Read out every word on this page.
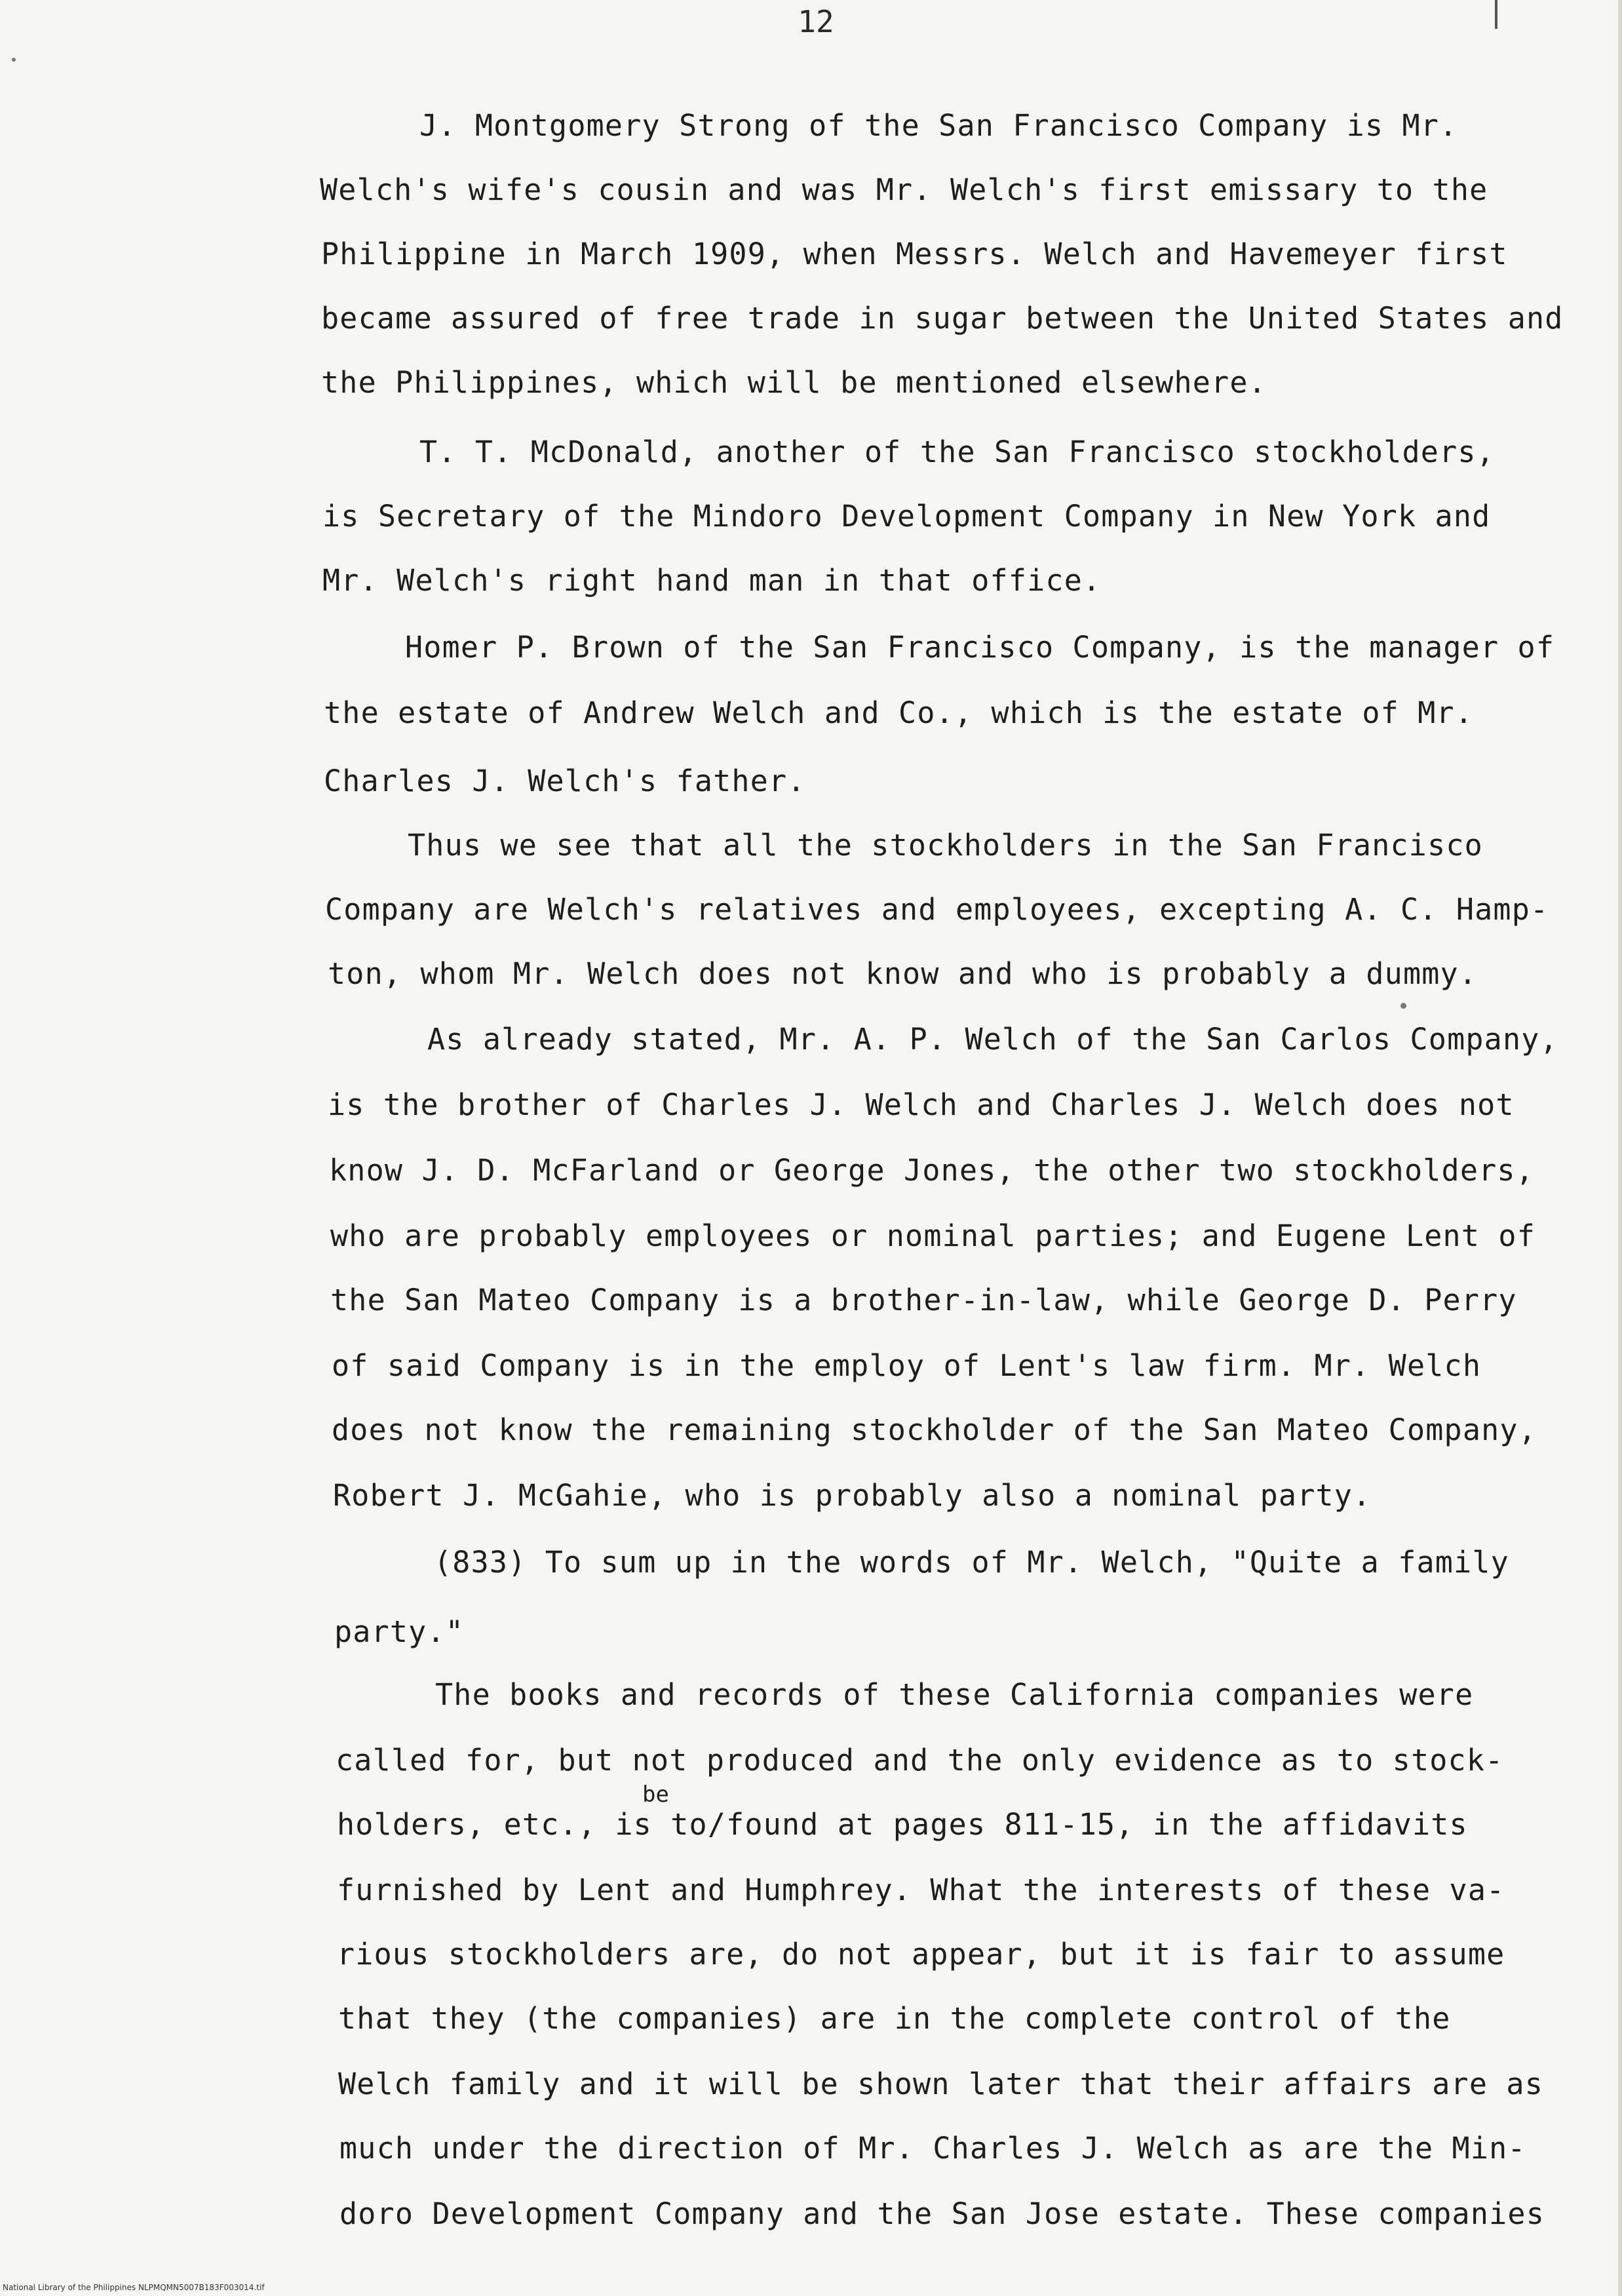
12
J. Montgomery Strong of the San Francisco Company is Mr.
Welch's wife's cousin and was Mr. Welch's first emissary to the
Philippine in March 1909, when Messrs. Welch and Havemeyer first
became assured of free trade in sugar between the United States and
the Philippines, which will be mentioned elsewhere.
T. T. McDonald, another of the San Francisco stockholders,
is Secretary of the Mindoro Development Company in New York and
Mr. Welch's right hand man in that office.
Homer P. Brown of the San Francisco Company, is the manager of
the estate of Andrew Welch and Co., which is the estate of Mr.
Charles J. Welch's father.
Thus we see that all the stockholders in the San Francisco
Company are Welch's relatives and employees, excepting A. C. Hamp-
ton, whom Mr. Welch does not know and who is probably a dummy.
As already stated, Mr. A. P. Welch of the San Carlos Company,
is the brother of Charles J. Welch and Charles J. Welch does not
know J. D. McFarland or George Jones, the other two stockholders,
who are probably employees or nominal parties; and Eugene Lent of
the San Mateo Company is a brother-in-law, while George D. Perry
of said Company is in the employ of Lent's law firm. Mr. Welch
does not know the remaining stockholder of the San Mateo Company,
Robert J. McGahie, who is probably also a nominal party.
(833) To sum up in the words of Mr. Welch, "Quite a family
party."
The books and records of these California companies were
called for, but not produced and the only evidence as to stock-
be
holders, etc., is to/found at pages 811-15, in the affidavits
furnished by Lent and Humphrey. What the interests of these va-
rious stockholders are, do not appear, but it is fair to assume
that they (the companies) are in the complete control of the
Welch family and it will be shown later that their affairs are as
much under the direction of Mr. Charles J. Welch as are the Min-
doro Development Company and the San Jose estate. These companies
National Library of the Philippines NLPMQMN5007B183F003014.tif
